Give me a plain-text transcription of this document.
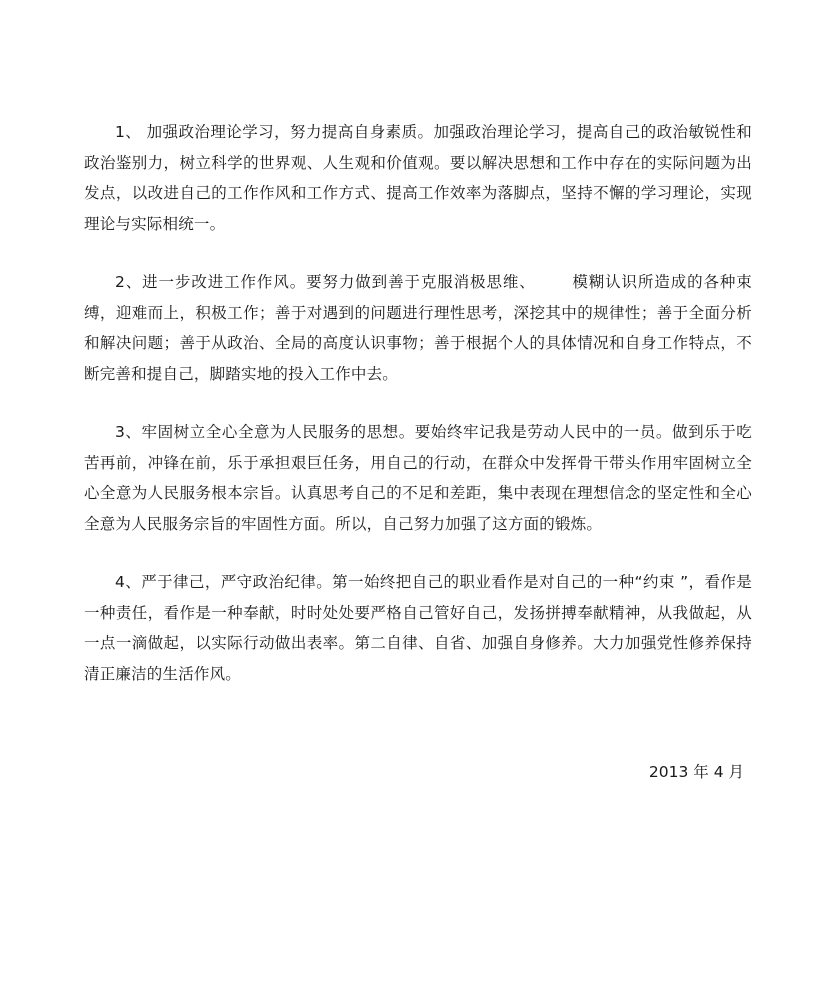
1、 加强政治理论学习，努力提高自身素质。加强政治理论学习，提高自己的政治敏锐性和政治鉴别力，树立科学的世界观、人生观和价值观。要以解决思想和工作中存在的实际问题为出发点，以改进自己的工作作风和工作方式、提高工作效率为落脚点，坚持不懈的学习理论，实现理论与实际相统一。

2、进一步改进工作作风。要努力做到善于克服消极思维、 模糊认识所造成的各种束缚，迎难而上，积极工作；善于对遇到的问题进行理性思考，深挖其中的规律性；善于全面分析和解决问题；善于从政治、全局的高度认识事物；善于根据个人的具体情况和自身工作特点，不断完善和提自己，脚踏实地的投入工作中去。

3、牢固树立全心全意为人民服务的思想。要始终牢记我是劳动人民中的一员。做到乐于吃苦再前，冲锋在前，乐于承担艰巨任务，用自己的行动，在群众中发挥骨干带头作用牢固树立全心全意为人民服务根本宗旨。认真思考自己的不足和差距，集中表现在理想信念的坚定性和全心全意为人民服务宗旨的牢固性方面。所以，自己努力加强了这方面的锻炼。

4、严于律己，严守政治纪律。第一始终把自己的职业看作是对自己的一种“约束 ”，看作是一种责任，看作是一种奉献，时时处处要严格自己管好自己，发扬拼搏奉献精神，从我做起，从一点一滴做起，以实际行动做出表率。第二自律、自省、加强自身修养。大力加强党性修养保持清正廉洁的生活作风。

2013 年 4 月
